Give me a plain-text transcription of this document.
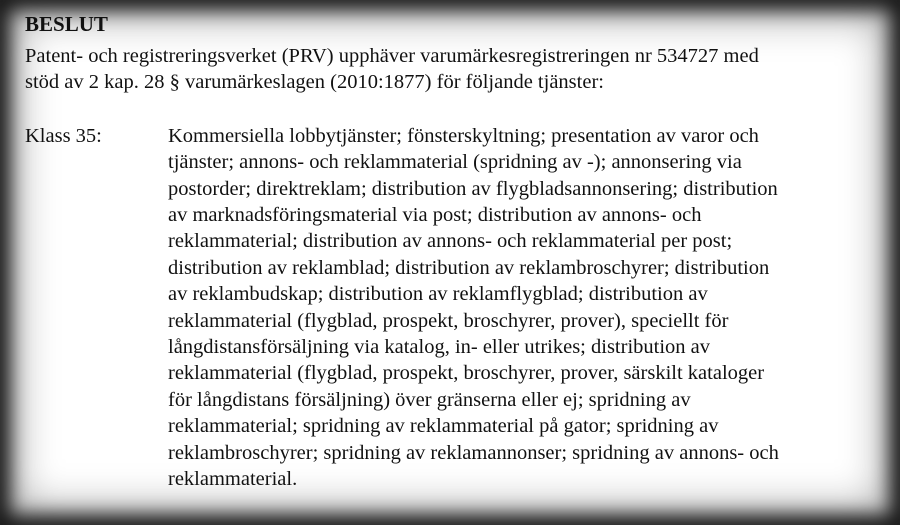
BESLUT
Patent- och registreringsverket (PRV) upphäver varumärkesregistreringen nr 534727 med
stöd av 2 kap. 28 § varumärkeslagen (2010:1877) för följande tjänster:
Klass 35:	Kommersiella lobbytjänster; fönsterskyltning; presentation av varor och
tjänster; annons- och reklammaterial (spridning av -); annonsering via
postorder; direktreklam; distribution av flygbladsannonsering; distribution
av marknadsföringsmaterial via post; distribution av annons- och
reklammaterial; distribution av annons- och reklammaterial per post;
distribution av reklamblad; distribution av reklambroschyrer; distribution
av reklambudskap; distribution av reklamflygblad; distribution av
reklammaterial (flygblad, prospekt, broschyrer, prover), speciellt för
långdistansförsäljning via katalog, in- eller utrikes; distribution av
reklammaterial (flygblad, prospekt, broschyrer, prover, särskilt kataloger
för långdistans försäljning) över gränserna eller ej; spridning av
reklammaterial; spridning av reklammaterial på gator; spridning av
reklambroschyrer; spridning av reklamannonser; spridning av annons- och
reklammaterial.
